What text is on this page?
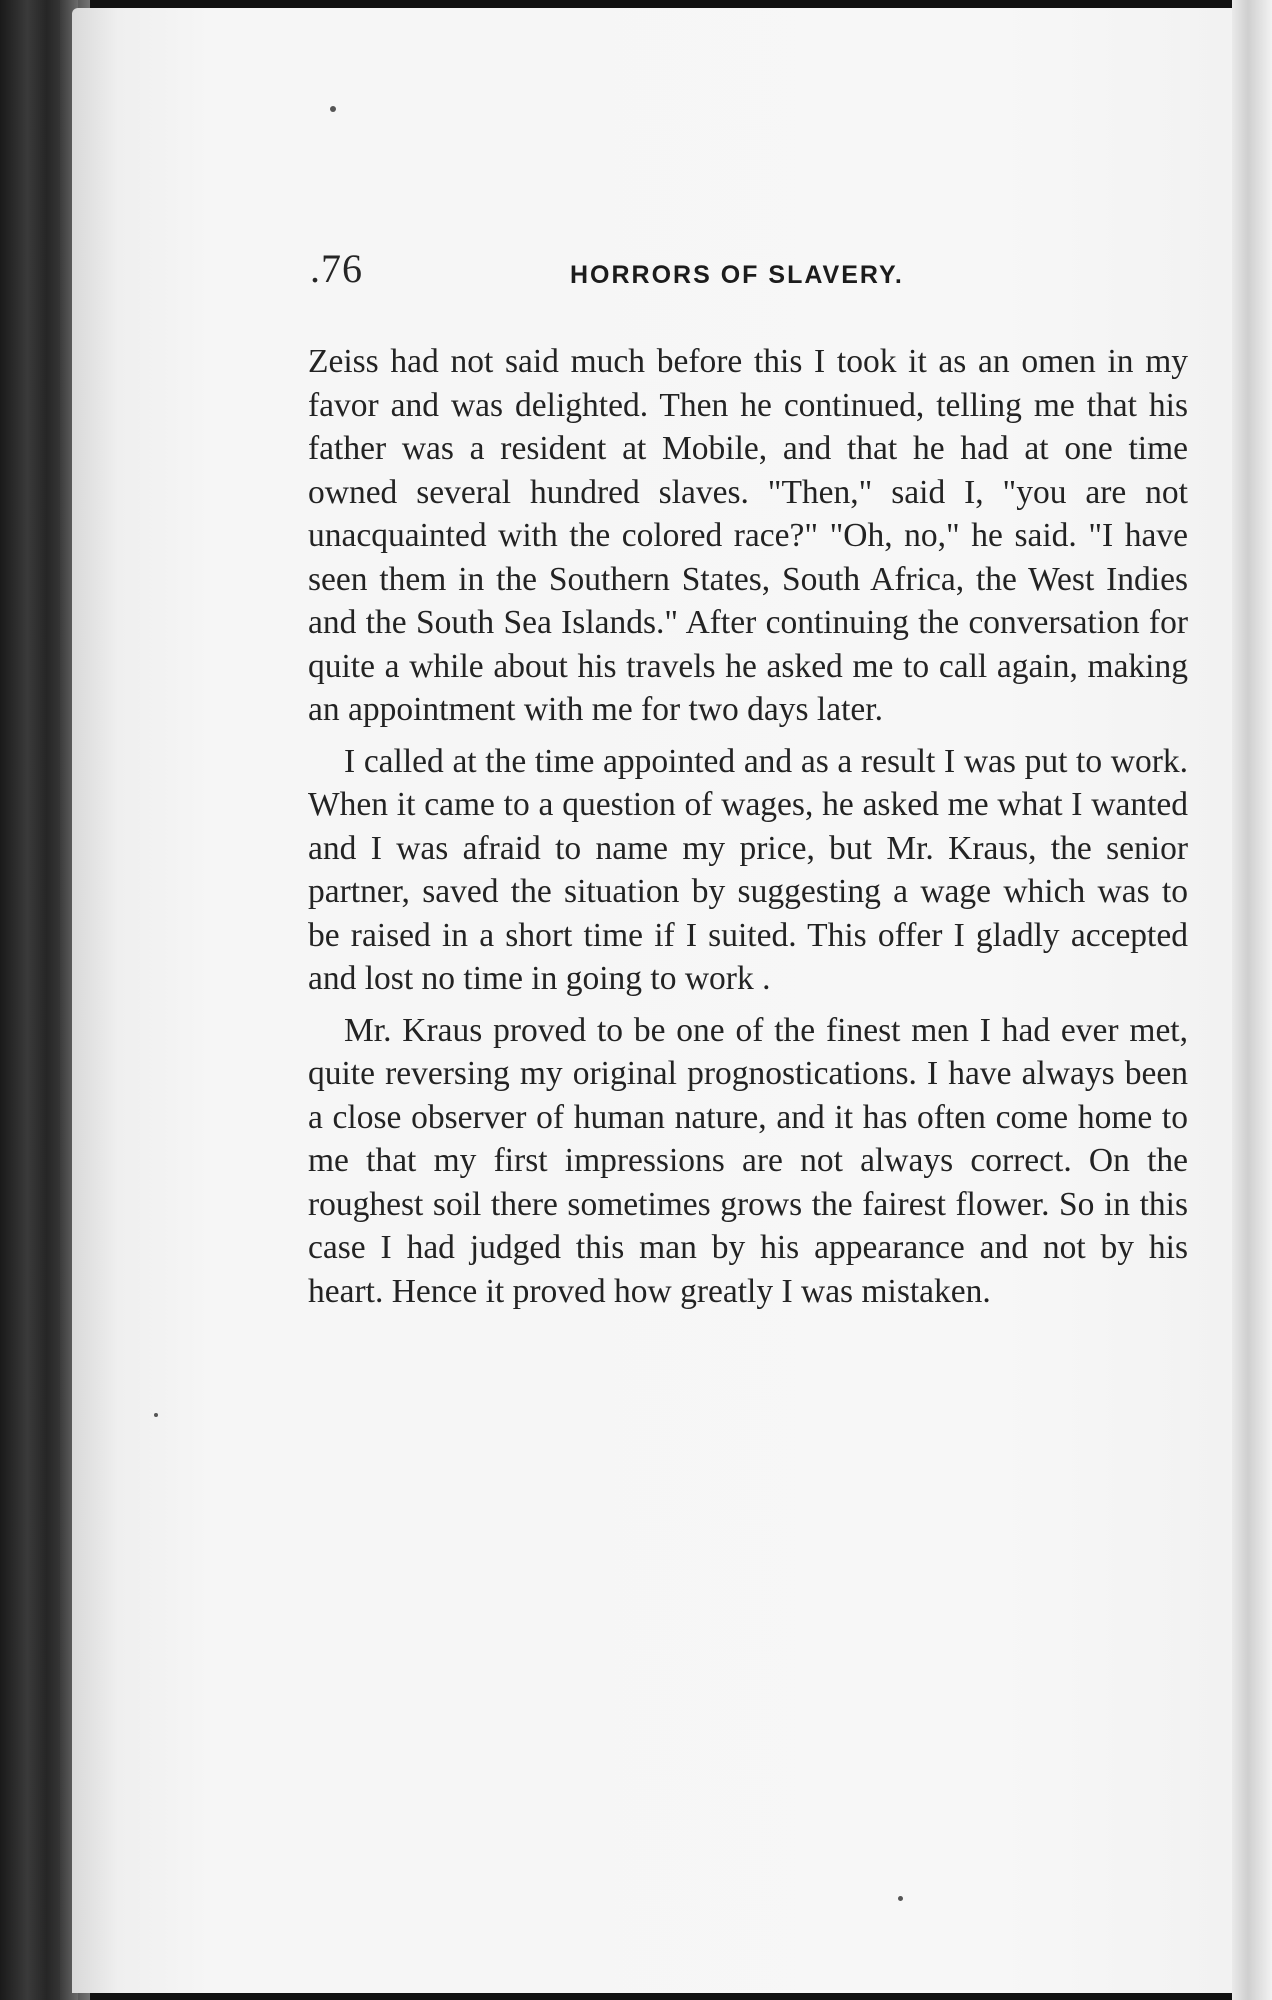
.76	HORRORS OF SLAVERY.

Zeiss had not said much before this I took it as an omen in my favor and was delighted. Then he continued, telling me that his father was a resident at Mobile, and that he had at one time owned several hundred slaves. "Then," said I, "you are not unacquainted with the colored race?" "Oh, no," he said. "I have seen them in the Southern States, South Africa, the West Indies and the South Sea Islands." After continuing the conversation for quite a while about his travels he asked me to call again, making an appointment with me for two days later.

I called at the time appointed and as a result I was put to work. When it came to a question of wages, he asked me what I wanted and I was afraid to name my price, but Mr. Kraus, the senior partner, saved the situation by suggesting a wage which was to be raised in a short time if I suited. This offer I gladly accepted and lost no time in going to work .

Mr. Kraus proved to be one of the finest men I had ever met, quite reversing my original prognostications. I have always been a close observer of human nature, and it has often come home to me that my first impressions are not always correct. On the roughest soil there sometimes grows the fairest flower. So in this case I had judged this man by his appearance and not by his heart. Hence it proved how greatly I was mistaken.
